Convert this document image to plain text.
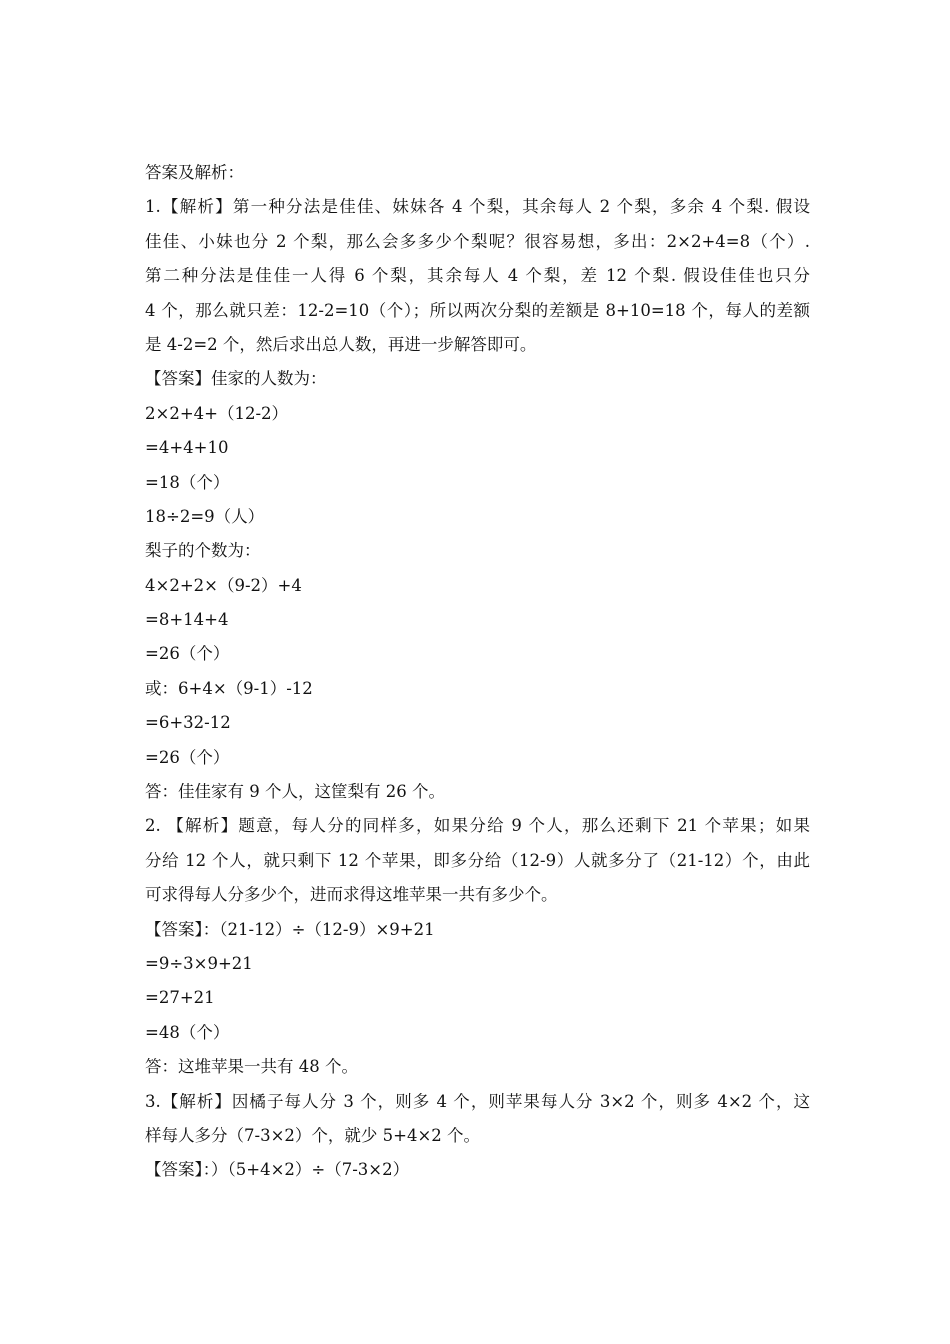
答案及解析：
1.【解析】第一种分法是佳佳、妹妹各 4 个梨，其余每人 2 个梨，多余 4 个梨. 假设
佳佳、小妹也分 2 个梨，那么会多多少个梨呢？很容易想，多出：2×2+4=8（个）.
第二种分法是佳佳一人得 6 个梨，其余每人 4 个梨，差 12 个梨. 假设佳佳也只分
4 个，那么就只差：12-2=10（个）；所以两次分梨的差额是 8+10=18 个，每人的差额
是 4-2=2 个，然后求出总人数，再进一步解答即可。
【答案】佳家的人数为：
2×2+4+（12-2）
=4+4+10
=18（个）
18÷2=9（人）
梨子的个数为：
4×2+2×（9-2）+4
=8+14+4
=26（个）
或：6+4×（9-1）-12
=6+32-12
=26（个）
答：佳佳家有 9 个人，这筐梨有 26 个。
2. 【解析】题意，每人分的同样多，如果分给 9 个人，那么还剩下 21 个苹果；如果
分给 12 个人，就只剩下 12 个苹果，即多分给（12-9）人就多分了（21-12）个，由此
可求得每人分多少个，进而求得这堆苹果一共有多少个。
【答案】：（21-12）÷（12-9）×9+21
=9÷3×9+21
=27+21
=48（个）
答：这堆苹果一共有 48 个。
3.【解析】因橘子每人分 3 个，则多 4 个，则苹果每人分 3×2 个，则多 4×2 个，这
样每人多分（7-3×2）个，就少 5+4×2 个。
【答案】：）（5+4×2）÷（7-3×2）
